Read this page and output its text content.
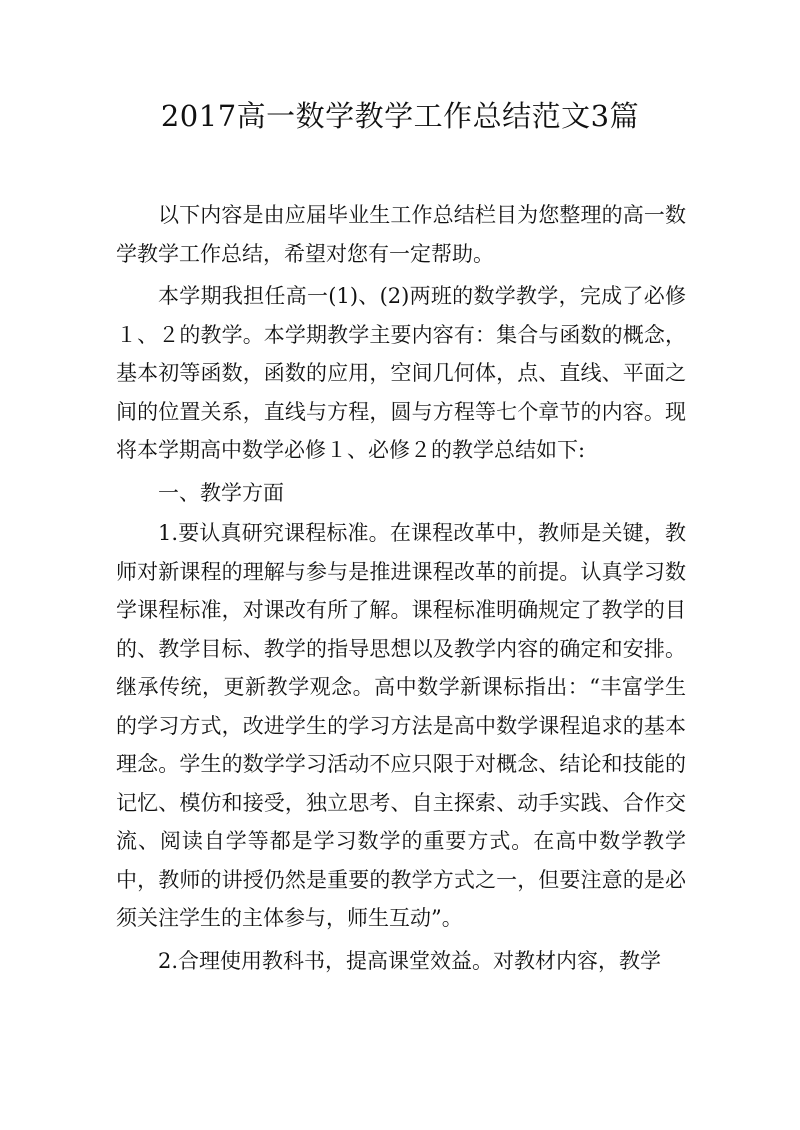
2017高一数学教学工作总结范文3篇

以下内容是由应届毕业生工作总结栏目为您整理的高一数学教学工作总结，希望对您有一定帮助。

本学期我担任高一(1)、(2)两班的数学教学，完成了必修１、２的教学。本学期教学主要内容有：集合与函数的概念，基本初等函数，函数的应用，空间几何体，点、直线、平面之间的位置关系，直线与方程，圆与方程等七个章节的内容。现将本学期高中数学必修１、必修２的教学总结如下:

一、教学方面

1.要认真研究课程标准。在课程改革中，教师是关键，教师对新课程的理解与参与是推进课程改革的前提。认真学习数学课程标准，对课改有所了解。课程标准明确规定了教学的目的、教学目标、教学的指导思想以及教学内容的确定和安排。继承传统，更新教学观念。高中数学新课标指出：“丰富学生的学习方式，改进学生的学习方法是高中数学课程追求的基本理念。学生的数学学习活动不应只限于对概念、结论和技能的记忆、模仿和接受，独立思考、自主探索、动手实践、合作交流、阅读自学等都是学习数学的重要方式。在高中数学教学中，教师的讲授仍然是重要的教学方式之一，但要注意的是必须关注学生的主体参与，师生互动”。

2.合理使用教科书，提高课堂效益。对教材内容，教学
